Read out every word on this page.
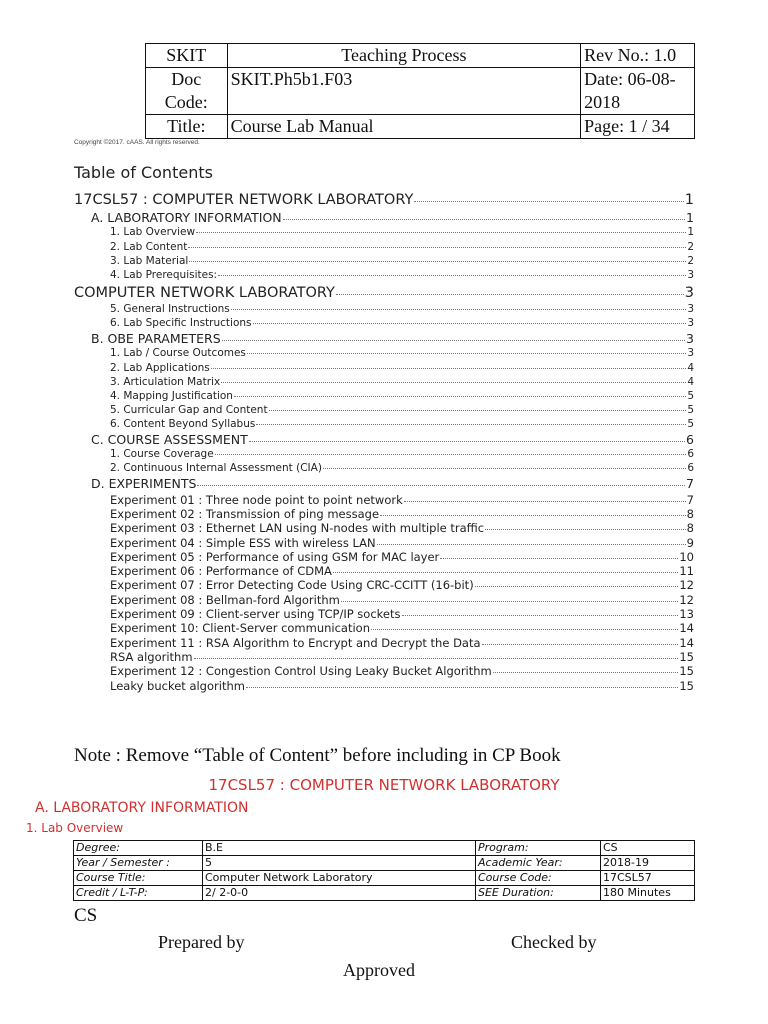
SKIT	Teaching Process	Rev No.: 1.0
Doc
Code:	SKIT.Ph5b1.F03	Date: 06-08-
2018
Title:	Course Lab Manual	Page: 1 / 34
Copyright ©2017. cAAS. All rights reserved.
Table of Contents
17CSL57 : COMPUTER NETWORK LABORATORY	1
A. LABORATORY INFORMATION	1
1. Lab Overview	1
2. Lab Content	2
3. Lab Material	2
4. Lab Prerequisites:	3
COMPUTER NETWORK LABORATORY	3
5. General Instructions	3
6. Lab Specific Instructions	3
B. OBE PARAMETERS	3
1. Lab / Course Outcomes	3
2. Lab Applications	4
3. Articulation Matrix	4
4. Mapping Justification	5
5. Curricular Gap and Content	5
6. Content Beyond Syllabus	5
C. COURSE ASSESSMENT	6
1. Course Coverage	6
2. Continuous Internal Assessment (CIA)	6
D. EXPERIMENTS	7
Experiment 01 : Three node point to point network	7
Experiment 02 : Transmission of ping message	8
Experiment 03 : Ethernet LAN using N-nodes with multiple traffic	8
Experiment 04 : Simple ESS with wireless LAN	9
Experiment 05 : Performance of using GSM for MAC layer	10
Experiment 06 : Performance of CDMA	11
Experiment 07 : Error Detecting Code Using CRC-CCITT (16-bit)	12
Experiment 08 : Bellman-ford Algorithm	12
Experiment 09 : Client-server using TCP/IP sockets	13
Experiment 10: Client-Server communication	14
Experiment 11 : RSA Algorithm to Encrypt and Decrypt the Data	14
RSA algorithm	15
Experiment 12 : Congestion Control Using Leaky Bucket Algorithm	15
Leaky bucket algorithm	15
Note : Remove “Table of Content” before including in CP Book
17CSL57 : COMPUTER NETWORK LABORATORY
A. LABORATORY INFORMATION
1. Lab Overview
Degree:	B.E	Program:	CS
Year / Semester :	5	Academic Year:	2018-19
Course Title:	Computer Network Laboratory	Course Code:	17CSL57
Credit / L-T-P:	2/ 2-0-0	SEE Duration:	180 Minutes
CS
Prepared by	Checked by
Approved
